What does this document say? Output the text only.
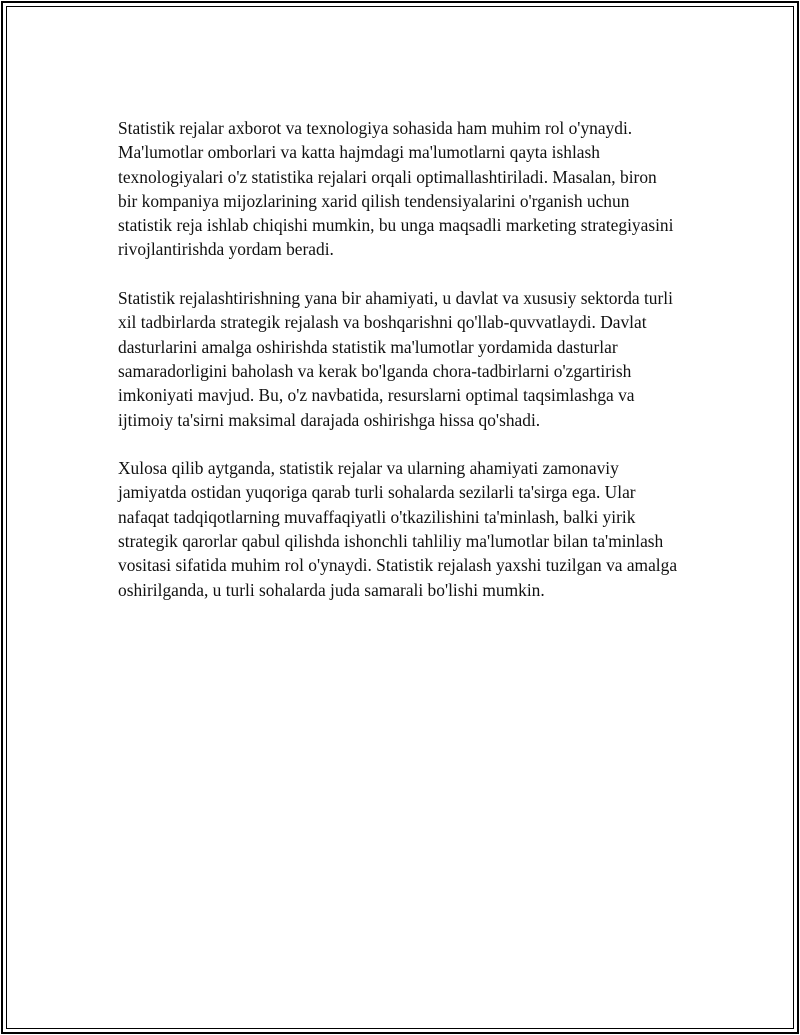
Statistik rejalar axborot va texnologiya sohasida ham muhim rol o'ynaydi. Ma'lumotlar omborlari va katta hajmdagi ma'lumotlarni qayta ishlash texnologiyalari o'z statistika rejalari orqali optimallashtiriladi. Masalan, biron bir kompaniya mijozlarining xarid qilish tendensiyalarini o'rganish uchun statistik reja ishlab chiqishi mumkin, bu unga maqsadli marketing strategiyasini rivojlantirishda yordam beradi.

Statistik rejalashtirishning yana bir ahamiyati, u davlat va xususiy sektorda turli xil tadbirlarda strategik rejalash va boshqarishni qo'llab-quvvatlaydi. Davlat dasturlarini amalga oshirishda statistik ma'lumotlar yordamida dasturlar samaradorligini baholash va kerak bo'lganda chora-tadbirlarni o'zgartirish imkoniyati mavjud. Bu, o'z navbatida, resurslarni optimal taqsimlashga va ijtimoiy ta'sirni maksimal darajada oshirishga hissa qo'shadi.

Xulosa qilib aytganda, statistik rejalar va ularning ahamiyati zamonaviy jamiyatda ostidan yuqoriga qarab turli sohalarda sezilarli ta'sirga ega. Ular nafaqat tadqiqotlarning muvaffaqiyatli o'tkazilishini ta'minlash, balki yirik strategik qarorlar qabul qilishda ishonchli tahliliy ma'lumotlar bilan ta'minlash vositasi sifatida muhim rol o'ynaydi. Statistik rejalash yaxshi tuzilgan va amalga oshirilganda, u turli sohalarda juda samarali bo'lishi mumkin.
